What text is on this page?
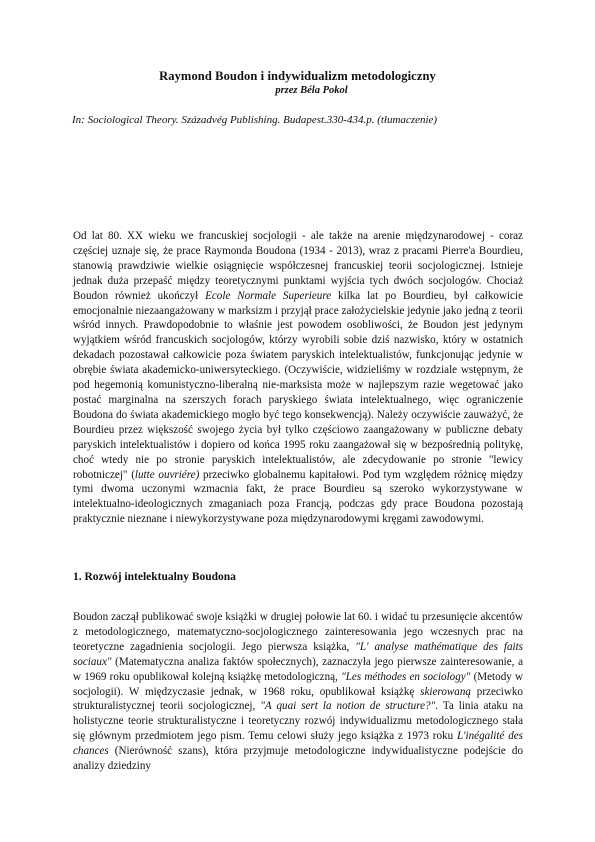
Raymond Boudon i indywidualizm metodologiczny
przez Béla Pokol
In: Sociological Theory. Századvég Publishing. Budapest.330-434.p. (tłumaczenie)

Od lat 80. XX wieku we francuskiej socjologii - ale także na arenie międzynarodowej - coraz częściej uznaje się, że prace Raymonda Boudona (1934 - 2013), wraz z pracami Pierre'a Bourdieu, stanowią prawdziwie wielkie osiągnięcie współczesnej francuskiej teorii socjologicznej. Istnieje jednak duża przepaść między teoretycznymi punktami wyjścia tych dwóch socjologów. Chociaż Boudon również ukończył Ecole Normale Superieure kilka lat po Bourdieu, był całkowicie emocjonalnie niezaangażowany w marksizm i przyjął prace założycielskie jedynie jako jedną z teorii wśród innych. Prawdopodobnie to właśnie jest powodem osobliwości, że Boudon jest jedynym wyjątkiem wśród francuskich socjologów, którzy wyrobili sobie dziś nazwisko, który w ostatnich dekadach pozostawał całkowicie poza światem paryskich intelektualistów, funkcjonując jedynie w obrębie świata akademicko-uniwersyteckiego. (Oczywiście, widzieliśmy w rozdziale wstępnym, że pod hegemonią komunistyczno-liberalną nie-marksista może w najlepszym razie wegetować jako postać marginalna na szerszych forach paryskiego świata intelektualnego, więc ograniczenie Boudona do świata akademickiego mogło być tego konsekwencją). Należy oczywiście zauważyć, że Bourdieu przez większość swojego życia był tylko częściowo zaangażowany w publiczne debaty paryskich intelektualistów i dopiero od końca 1995 roku zaangażował się w bezpośrednią politykę, choć wtedy nie po stronie paryskich intelektualistów, ale zdecydowanie po stronie "lewicy robotniczej" (lutte ouvriére) przeciwko globalnemu kapitałowi. Pod tym względem różnicę między tymi dwoma uczonymi wzmacnia fakt, że prace Bourdieu są szeroko wykorzystywane w intelektualno-ideologicznych zmaganiach poza Francją, podczas gdy prace Boudona pozostają praktycznie nieznane i niewykorzystywane poza międzynarodowymi kręgami zawodowymi.

1. Rozwój intelektualny Boudona

Boudon zaczął publikować swoje książki w drugiej połowie lat 60. i widać tu przesunięcie akcentów z metodologicznego, matematyczno-socjologicznego zainteresowania jego wczesnych prac na teoretyczne zagadnienia socjologii. Jego pierwsza książka, "L' analyse mathématique des faits sociaux" (Matematyczna analiza faktów społecznych), zaznaczyła jego pierwsze zainteresowanie, a w 1969 roku opublikował kolejną książkę metodologiczną, "Les méthodes en sociology" (Metody w socjologii). W międzyczasie jednak, w 1968 roku, opublikował książkę skierowaną przeciwko strukturalistycznej teorii socjologicznej, "A quai sert la notion de structure?". Ta linia ataku na holistyczne teorie strukturalistyczne i teoretyczny rozwój indywidualizmu metodologicznego stała się głównym przedmiotem jego pism. Temu celowi służy jego książka z 1973 roku L'inégalité des chances (Nierówność szans), która przyjmuje metodologiczne indywidualistyczne podejście do analizy dziedziny
